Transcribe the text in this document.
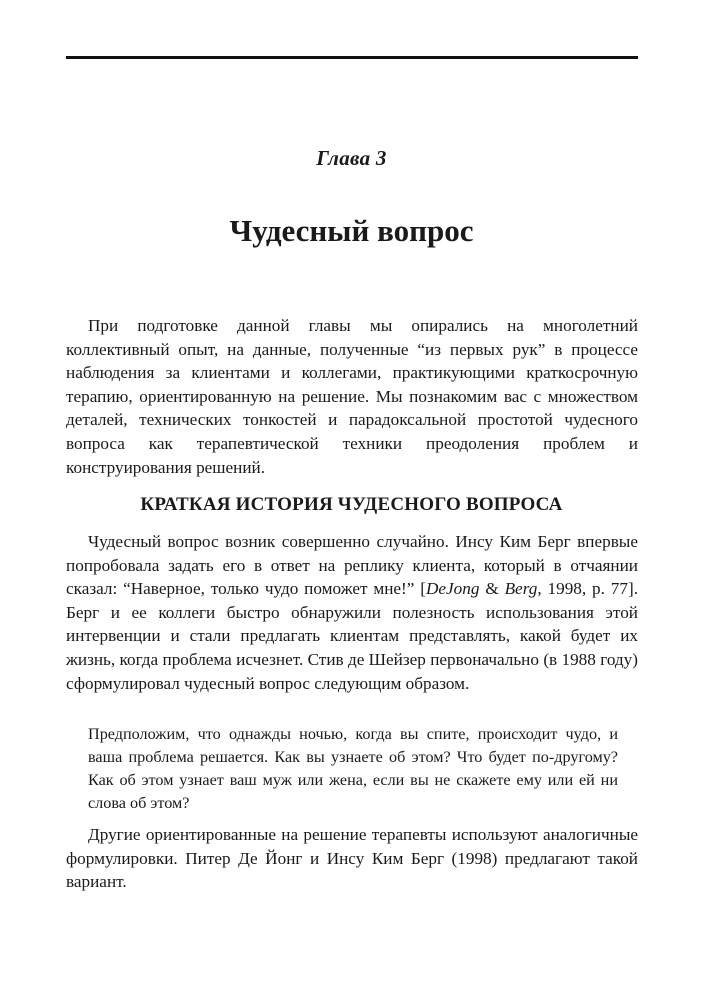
Глава 3
Чудесный вопрос

При подготовке данной главы мы опирались на многолетний коллективный опыт, на данные, полученные “из первых рук” в процессе наблюдения за клиентами и коллегами, практикующими краткосрочную терапию, ориентированную на решение. Мы познакомим вас с множеством деталей, технических тонкостей и парадоксальной простотой чудесного вопроса как терапевтической техники преодоления проблем и конструирования решений.

КРАТКАЯ ИСТОРИЯ ЧУДЕСНОГО ВОПРОСА

Чудесный вопрос возник совершенно случайно. Инсу Ким Берг впервые попробовала задать его в ответ на реплику клиента, который в отчаянии сказал: “Наверное, только чудо поможет мне!” [DeJong & Berg, 1998, p. 77]. Берг и ее коллеги быстро обнаружили полезность использования этой интервенции и стали предлагать клиентам представлять, какой будет их жизнь, когда проблема исчезнет. Стив де Шейзер первоначально (в 1988 году) сформулировал чудесный вопрос следующим образом.

Предположим, что однажды ночью, когда вы спите, происходит чудо, и ваша проблема решается. Как вы узнаете об этом? Что будет по-другому? Как об этом узнает ваш муж или жена, если вы не скажете ему или ей ни слова об этом?

Другие ориентированные на решение терапевты используют аналогичные формулировки. Питер Де Йонг и Инсу Ким Берг (1998) предлагают такой вариант.
